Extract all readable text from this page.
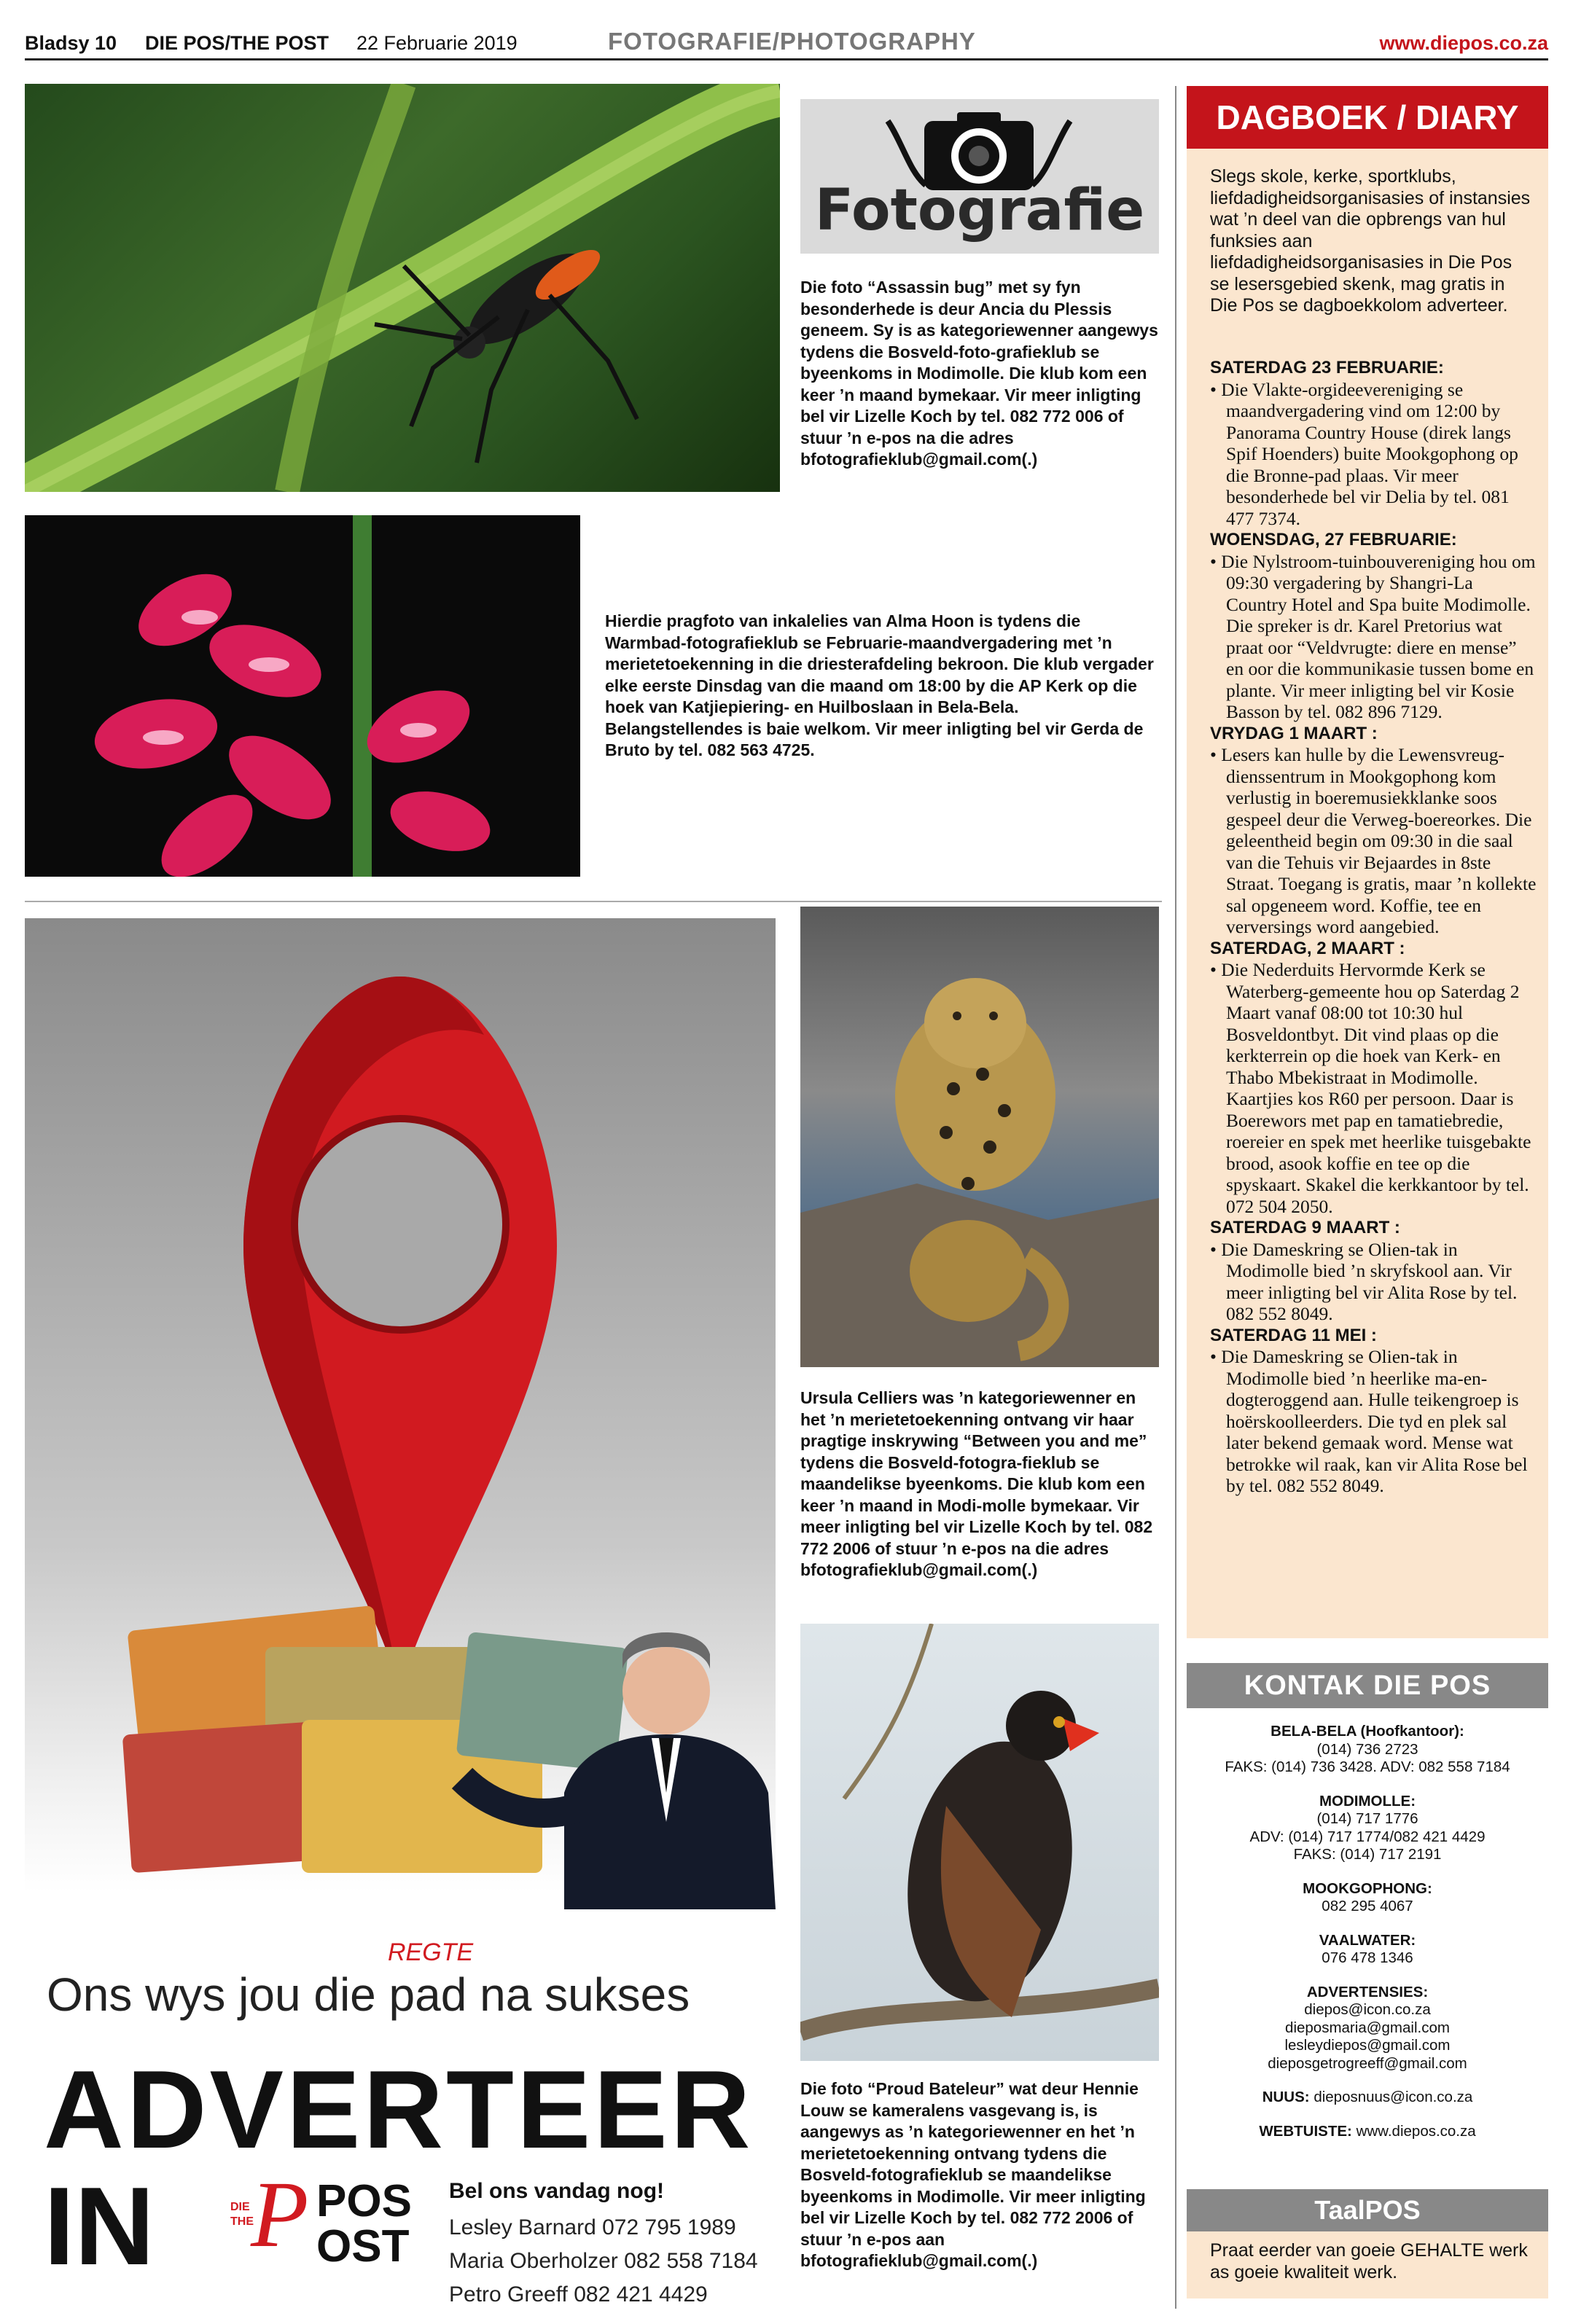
Bladsy 10 DIE POS/THE POST 22 Februarie 2019	FOTOGRAFIE/PHOTOGRAPHY	www.diepos.co.za
Fotografie
Die foto “Assassin bug” met sy fyn besonderhede is deur Ancia du Plessis geneem. Sy is as kategoriewenner aangewys tydens die Bosveld-foto-grafieklub se byeenkoms in Modimolle. Die klub kom een keer ’n maand bymekaar. Vir meer inligting bel vir Lizelle Koch by tel. 082 772 006 of stuur ’n e-pos na die adres bfotografieklub@gmail.com(.)
Hierdie pragfoto van inkalelies van Alma Hoon is tydens die Warmbad-fotografieklub se Februarie-maandvergadering met ’n merietetoekenning in die driesterafdeling bekroon. Die klub vergader elke eerste Dinsdag van die maand om 18:00 by die AP Kerk op die hoek van Katjiepiering- en Huilboslaan in Bela-Bela. Belangstellendes is baie welkom. Vir meer inligting bel vir Gerda de Bruto by tel. 082 563 4725.
Ursula Celliers was ’n kategoriewenner en het ’n merietetoekenning ontvang vir haar pragtige inskrywing “Between you and me” tydens die Bosveld-fotogra-fieklub se maandelikse byeenkoms. Die klub kom een keer ’n maand in Modi-molle bymekaar. Vir meer inligting bel vir Lizelle Koch by tel. 082 772 2006 of stuur ’n e-pos na die adres bfotografieklub@gmail.com(.)
Die foto “Proud Bateleur” wat deur Hennie Louw se kameralens vasgevang is, is aangewys as ’n kategoriewenner en het ’n merietetoekenning ontvang tydens die Bosveld-fotografieklub se maandelikse byeenkoms in Modimolle. Vir meer inligting bel vir Lizelle Koch by tel. 082 772 2006 of stuur ’n e-pos aan bfotografieklub@gmail.com(.)
Ons wys jou die
REGTE
pad na sukses
ADVERTEER
IN	DIE
THE
P POS
OST
Bel ons vandag nog!
Lesley Barnard 072 795 1989
Maria Oberholzer 082 558 7184
Petro Greeff 082 421 4429
DAGBOEK / DIARY
Slegs skole, kerke, sportklubs, liefdadigheidsorganisasies of instansies wat ’n deel van die opbrengs van hul funksies aan liefdadigheidsorganisasies in Die Pos se lesersgebied skenk, mag gratis in Die Pos se dagboekkolom adverteer.
SATERDAG 23 FEBRUARIE:
• Die Vlakte-orgideevereniging se maandvergadering vind om 12:00 by Panorama Country House (direk langs Spif Hoenders) buite Mookgophong op die Bronne-pad plaas. Vir meer besonderhede bel vir Delia by tel. 081 477 7374.
WOENSDAG, 27 FEBRUARIE:
• Die Nylstroom-tuinbouvereniging hou om 09:30 vergadering by Shangri-La Country Hotel and Spa buite Modimolle. Die spreker is dr. Karel Pretorius wat praat oor “Veldvrugte: diere en mense” en oor die kommunikasie tussen bome en plante. Vir meer inligting bel vir Kosie Basson by tel. 082 896 7129.
VRYDAG 1 MAART :
• Lesers kan hulle by die Lewensvreug-dienssentrum in Mookgophong kom verlustig in boeremusiekklanke soos gespeel deur die Verweg-boereorkes. Die geleentheid begin om 09:30 in die saal van die Tehuis vir Bejaardes in 8ste Straat. Toegang is gratis, maar ’n kollekte sal opgeneem word. Koffie, tee en verversings word aangebied.
SATERDAG, 2 MAART :
• Die Nederduits Hervormde Kerk se Waterberg-gemeente hou op Saterdag 2 Maart vanaf 08:00 tot 10:30 hul Bosveldontbyt. Dit vind plaas op die kerkterrein op die hoek van Kerk- en Thabo Mbekistraat in Modimolle. Kaartjies kos R60 per persoon. Daar is Boerewors met pap en tamatiebredie, roereier en spek met heerlike tuisgebakte brood, asook koffie en tee op die spyskaart. Skakel die kerkkantoor by tel. 072 504 2050.
SATERDAG 9 MAART :
• Die Dameskring se Olien-tak in Modimolle bied ’n skryfskool aan. Vir meer inligting bel vir Alita Rose by tel. 082 552 8049.
SATERDAG 11 MEI :
• Die Dameskring se Olien-tak in Modimolle bied ’n heerlike ma-en-dogteroggend aan. Hulle teikengroep is hoërskoolleerders. Die tyd en plek sal later bekend gemaak word. Mense wat betrokke wil raak, kan vir Alita Rose bel by tel. 082 552 8049.
KONTAK DIE POS
BELA-BELA (Hoofkantoor):
(014) 736 2723
FAKS: (014) 736 3428. ADV: 082 558 7184
MODIMOLLE:
(014) 717 1776
ADV: (014) 717 1774/082 421 4429
FAKS: (014) 717 2191
MOOKGOPHONG:
082 295 4067
VAALWATER:
076 478 1346
ADVERTENSIES:
diepos@icon.co.za
dieposmaria@gmail.com
lesleydiepos@gmail.com
dieposgetrogreeff@gmail.com
NUUS: dieposnuus@icon.co.za
WEBTUISTE: www.diepos.co.za
TaalPOS
Praat eerder van goeie GEHALTE werk as goeie kwaliteit werk.
